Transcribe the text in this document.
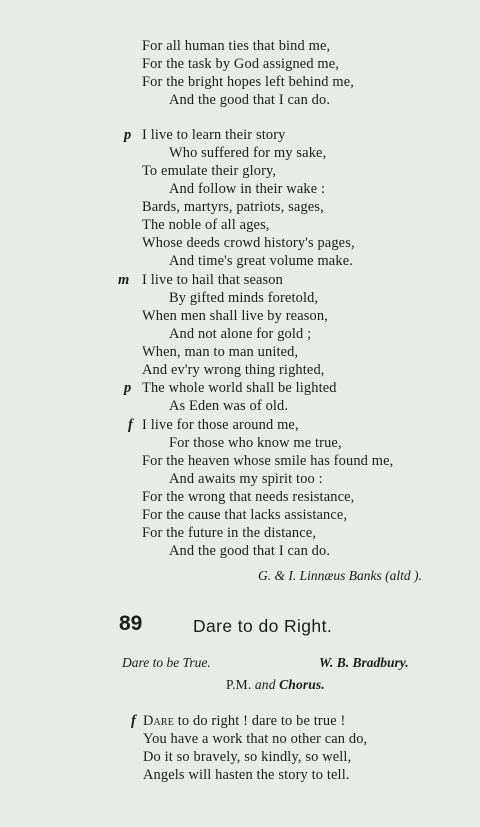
For all human ties that bind me,
For the task by God assigned me,
For the bright hopes left behind me,
And the good that I can do.
p I live to learn their story
Who suffered for my sake,
To emulate their glory,
And follow in their wake :
Bards, martyrs, patriots, sages,
The noble of all ages,
Whose deeds crowd history's pages,
And time's great volume make.
m I live to hail that season
By gifted minds foretold,
When men shall live by reason,
And not alone for gold ;
When, man to man united,
And ev'ry wrong thing righted,
p The whole world shall be lighted
As Eden was of old.
f I live for those around me,
For those who know me true,
For the heaven whose smile has found me,
And awaits my spirit too :
For the wrong that needs resistance,
For the cause that lacks assistance,
For the future in the distance,
And the good that I can do.
G. & I. Linnæus Banks (altd ).
89	Dare to do Right.
Dare to be True.	W. B. Bradbury.
P.M. and Chorus.
f Dare to do right ! dare to be true !
You have a work that no other can do,
Do it so bravely, so kindly, so well,
Angels will hasten the story to tell.
